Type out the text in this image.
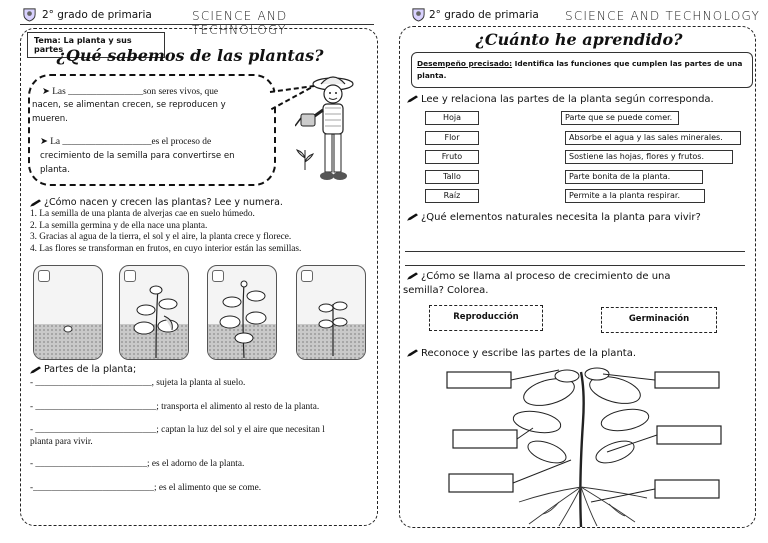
2° grado de primaria	SCIENCE AND TECHNOLOGY
Tema: La planta y sus partes
¿Qué sabemos de las plantas?
➤ Las ________________son seres vivos, que
nacen, se alimentan crecen, se reproducen y
mueren.
➤ La ___________________es el proceso de
crecimiento de la semilla para convertirse en
planta.
¿Cómo nacen y crecen las plantas? Lee y numera.
1. La semilla de una planta de alverjas cae en suelo húmedo.
2. La semilla germina y de ella nace una planta.
3. Gracias al agua de la tierra, el sol y el aire, la planta crece y florece.
4. Las flores se transforman en frutos, en cuyo interior están las semillas.
Partes de la planta;
- _________________________, sujeta la planta al suelo.
- __________________________; transporta el alimento al resto de la planta.
- __________________________; captan la luz del sol y el aire que necesitan l
planta para vivir.
- ________________________; es el adorno de la planta.
-__________________________; es el alimento que se come.
2° grado de primaria SCIENCE AND TECHNOLOGY
¿Cuánto he aprendido?
Desempeño precisado: Identifica las funciones que cumplen las partes de una
planta.
Lee y relaciona las partes de la planta según corresponda.
Hoja
Flor
Fruto
Tallo
Raíz
Parte que se puede comer.
Absorbe el agua y las sales minerales.
Sostiene las hojas, flores y frutos.
Parte bonita de la planta.
Permite a la planta respirar.
¿Qué elementos naturales necesita la planta para vivir?
¿Cómo se llama al proceso de crecimiento de una
semilla? Colorea.
Reproducción	Germinación
Reconoce y escribe las partes de la planta.
